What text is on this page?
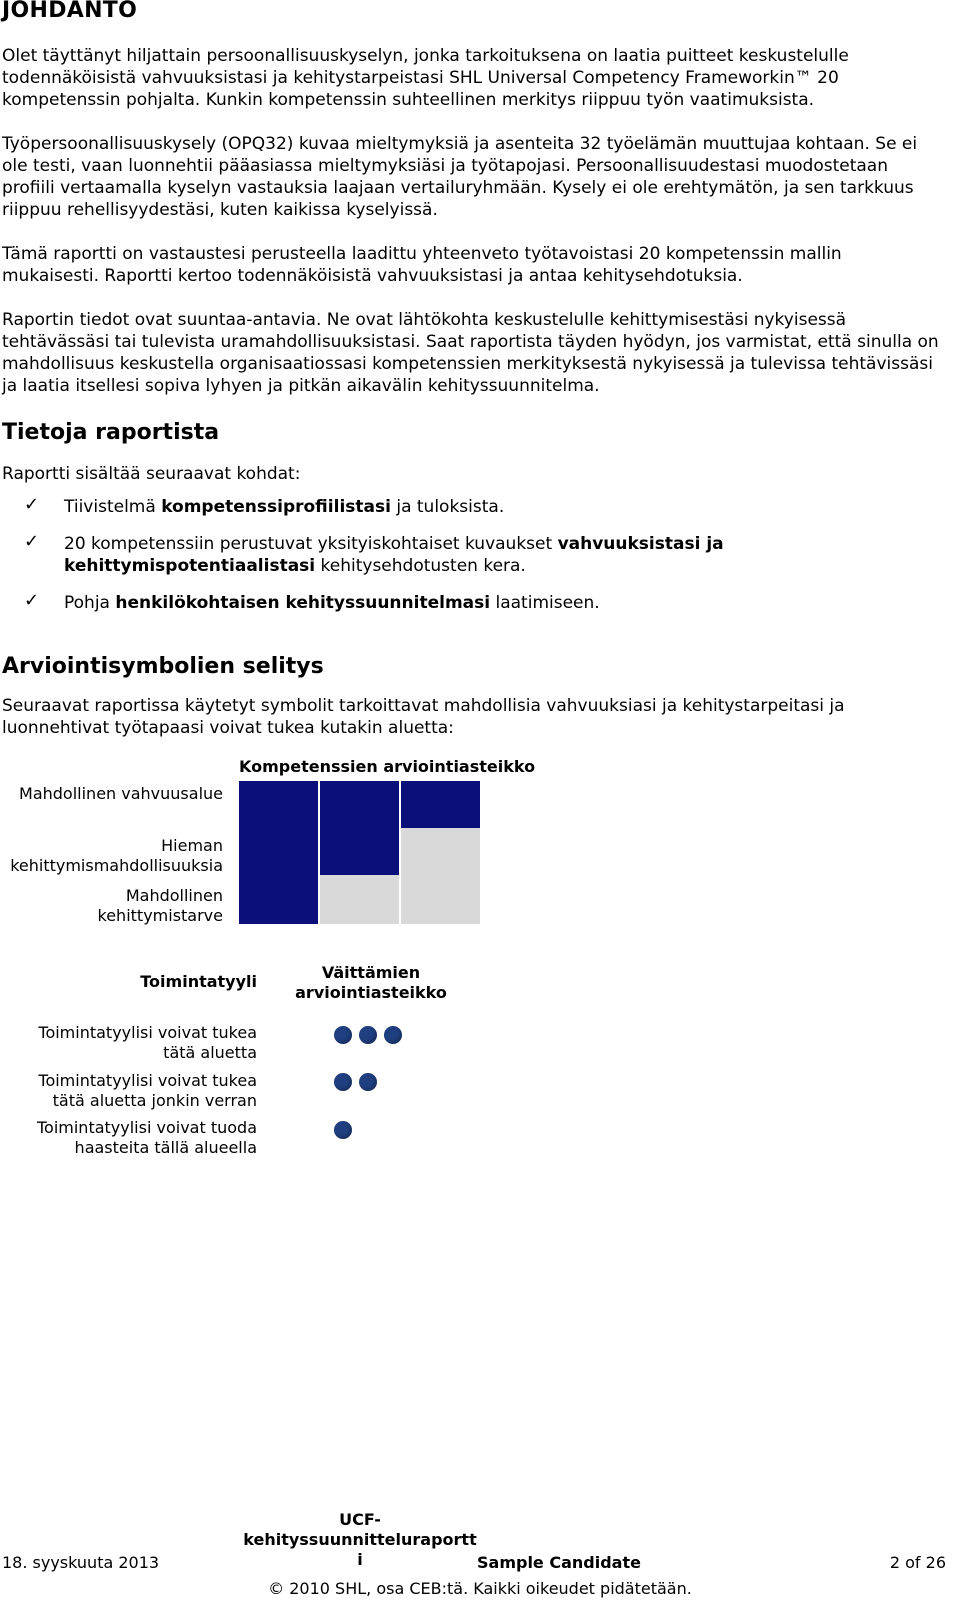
JOHDANTO

Olet täyttänyt hiljattain persoonallisuuskyselyn, jonka tarkoituksena on laatia puitteet keskustelulle todennäköisistä vahvuuksistasi ja kehitystarpeistasi SHL Universal Competency Frameworkin™ 20 kompetenssin pohjalta. Kunkin kompetenssin suhteellinen merkitys riippuu työn vaatimuksista.

Työpersoonallisuuskysely (OPQ32) kuvaa mieltymyksiä ja asenteita 32 työelämän muuttujaa kohtaan. Se ei ole testi, vaan luonnehtii pääasiassa mieltymyksiäsi ja työtapojasi. Persoonallisuudestasi muodostetaan profiili vertaamalla kyselyn vastauksia laajaan vertailuryhmään. Kysely ei ole erehtymätön, ja sen tarkkuus riippuu rehellisyydestäsi, kuten kaikissa kyselyissä.

Tämä raportti on vastaustesi perusteella laadittu yhteenveto työtavoistasi 20 kompetenssin mallin mukaisesti. Raportti kertoo todennäköisistä vahvuuksistasi ja antaa kehitysehdotuksia.

Raportin tiedot ovat suuntaa-antavia. Ne ovat lähtökohta keskustelulle kehittymisestäsi nykyisessä tehtävässäsi tai tulevista uramahdollisuuksistasi. Saat raportista täyden hyödyn, jos varmistat, että sinulla on mahdollisuus keskustella organisaatiossasi kompetenssien merkityksestä nykyisessä ja tulevissa tehtävissäsi ja laatia itsellesi sopiva lyhyen ja pitkän aikavälin kehityssuunnitelma.

Tietoja raportista

Raportti sisältää seuraavat kohdat:

✓ Tiivistelmä kompetenssiprofiilistasi ja tuloksista.
✓ 20 kompetenssiin perustuvat yksityiskohtaiset kuvaukset vahvuuksistasi ja kehittymispotentiaalistasi kehitysehdotusten kera.
✓ Pohja henkilökohtaisen kehityssuunnitelmasi laatimiseen.
Arviointisymbolien selitys

Seuraavat raportissa käytetyt symbolit tarkoittavat mahdollisia vahvuuksiasi ja kehitystarpeitasi ja luonnehtivat työtapaasi voivat tukea kutakin aluetta:

Kompetenssien arviointiasteikko
Mahdollinen vahvuusalue
Hieman
kehittymismahdollisuuksia
Mahdollinen
kehittymistarve
Toimintatyyli	Väittämien
arviointiasteikko
Toimintatyylisi voivat tukea
tätä aluetta
Toimintatyylisi voivat tukea
tätä aluetta jonkin verran
Toimintatyylisi voivat tuoda
haasteita tällä alueella
UCF-
kehityssuunnitteluraportt
i
18. syyskuuta 2013	Sample Candidate	2 of 26
© 2010 SHL, osa CEB:tä. Kaikki oikeudet pidätetään.
